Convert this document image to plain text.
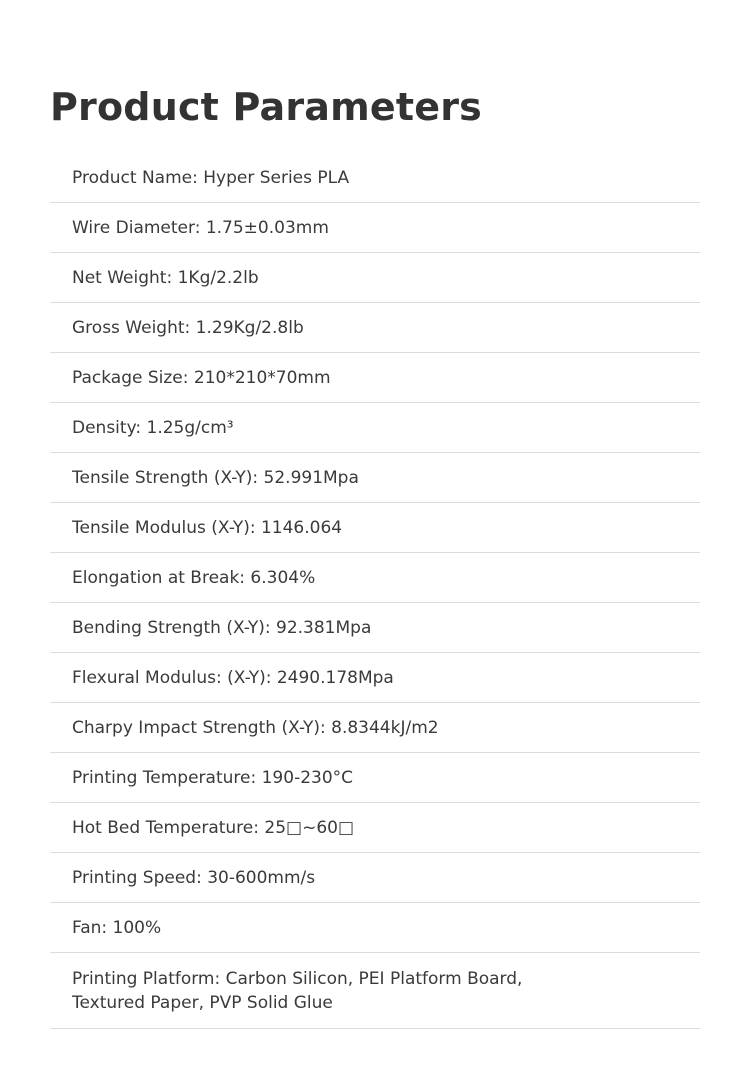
Product Parameters
Product Name: Hyper Series PLA
Wire Diameter: 1.75±0.03mm
Net Weight: 1Kg/2.2lb
Gross Weight: 1.29Kg/2.8lb
Package Size: 210*210*70mm
Density: 1.25g/cm³
Tensile Strength (X-Y): 52.991Mpa
Tensile Modulus (X-Y): 1146.064
Elongation at Break: 6.304%
Bending Strength (X-Y): 92.381Mpa
Flexural Modulus: (X-Y): 2490.178Mpa
Charpy Impact Strength (X-Y): 8.8344kJ/m2
Printing Temperature: 190-230°C
Hot Bed Temperature: 25□~60□
Printing Speed: 30-600mm/s
Fan: 100%
Printing Platform: Carbon Silicon, PEI Platform Board,
Textured Paper, PVP Solid Glue
